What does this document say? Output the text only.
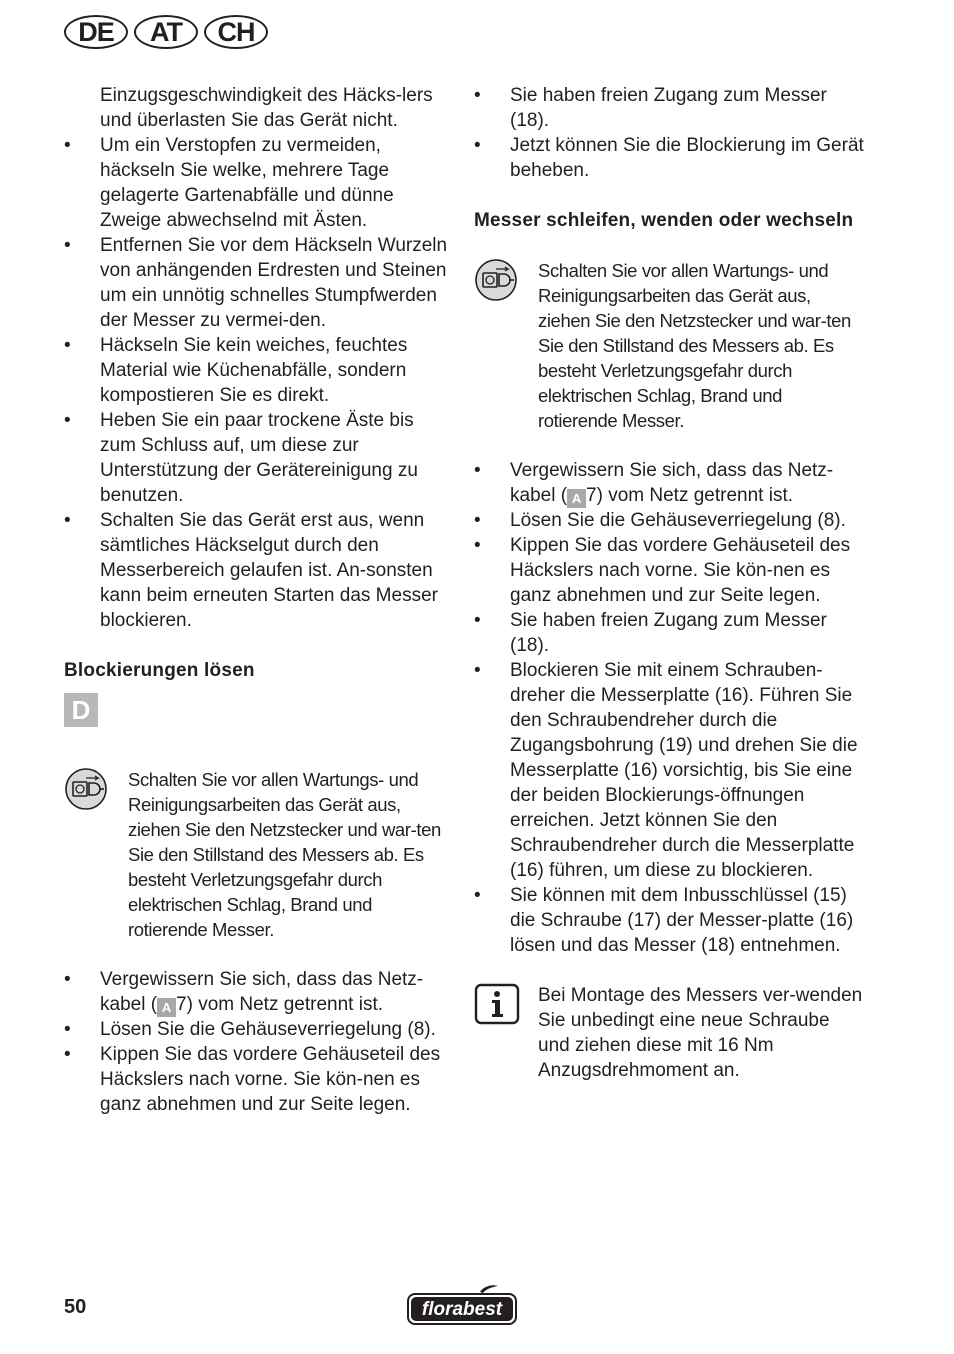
DE	AT	CH

Einzugsgeschwindigkeit des Häcks-lers und überlasten Sie das Gerät nicht.

• Um ein Verstopfen zu vermeiden, häckseln Sie welke, mehrere Tage gelagerte Gartenabfälle und dünne Zweige abwechselnd mit Ästen.
• Entfernen Sie vor dem Häckseln Wurzeln von anhängenden Erdresten und Steinen um ein unnötig schnelles Stumpfwerden der Messer zu vermei-den.
• Häckseln Sie kein weiches, feuchtes Material wie Küchenabfälle, sondern kompostieren Sie es direkt.
• Heben Sie ein paar trockene Äste bis zum Schluss auf, um diese zur Unterstützung der Gerätereinigung zu benutzen.
• Schalten Sie das Gerät erst aus, wenn sämtliches Häckselgut durch den Messerbereich gelaufen ist. An-sonsten kann beim erneuten Starten das Messer blockieren.
Blockierungen lösen
D
Schalten Sie vor allen Wartungs- und Reinigungsarbeiten das Gerät aus, ziehen Sie den Netzstecker und war-ten Sie den Stillstand des Messers ab. Es besteht Verletzungsgefahr durch elektrischen Schlag, Brand und rotierende Messer.
• Vergewissern Sie sich, dass das Netz-kabel ( A 7) vom Netz getrennt ist.
• Lösen Sie die Gehäuseverriegelung (8).
• Kippen Sie das vordere Gehäuseteil des Häckslers nach vorne. Sie kön-nen es ganz abnehmen und zur Seite legen.
• Sie haben freien Zugang zum Messer (18).
• Jetzt können Sie die Blockierung im Gerät beheben.
Messer schleifen, wenden oder wechseln
Schalten Sie vor allen Wartungs- und Reinigungsarbeiten das Gerät aus, ziehen Sie den Netzstecker und war-ten Sie den Stillstand des Messers ab. Es besteht Verletzungsgefahr durch elektrischen Schlag, Brand und rotierende Messer.
• Vergewissern Sie sich, dass das Netz-kabel ( A 7) vom Netz getrennt ist.
• Lösen Sie die Gehäuseverriegelung (8).
• Kippen Sie das vordere Gehäuseteil des Häckslers nach vorne. Sie kön-nen es ganz abnehmen und zur Seite legen.
• Sie haben freien Zugang zum Messer (18).
• Blockieren Sie mit einem Schrauben-dreher die Messerplatte (16). Führen Sie den Schraubendreher durch die Zugangsbohrung (19) und drehen Sie die Messerplatte (16) vorsichtig, bis Sie eine der beiden Blockierungs-öffnungen erreichen. Jetzt können Sie den Schraubendreher durch die Messerplatte (16) führen, um diese zu blockieren.
• Sie können mit dem Inbusschlüssel (15) die Schraube (17) der Messer-platte (16) lösen und das Messer (18) entnehmen.
Bei Montage des Messers ver-wenden Sie unbedingt eine neue Schraube und ziehen diese mit 16 Nm Anzugsdrehmoment an.
50	florabest
